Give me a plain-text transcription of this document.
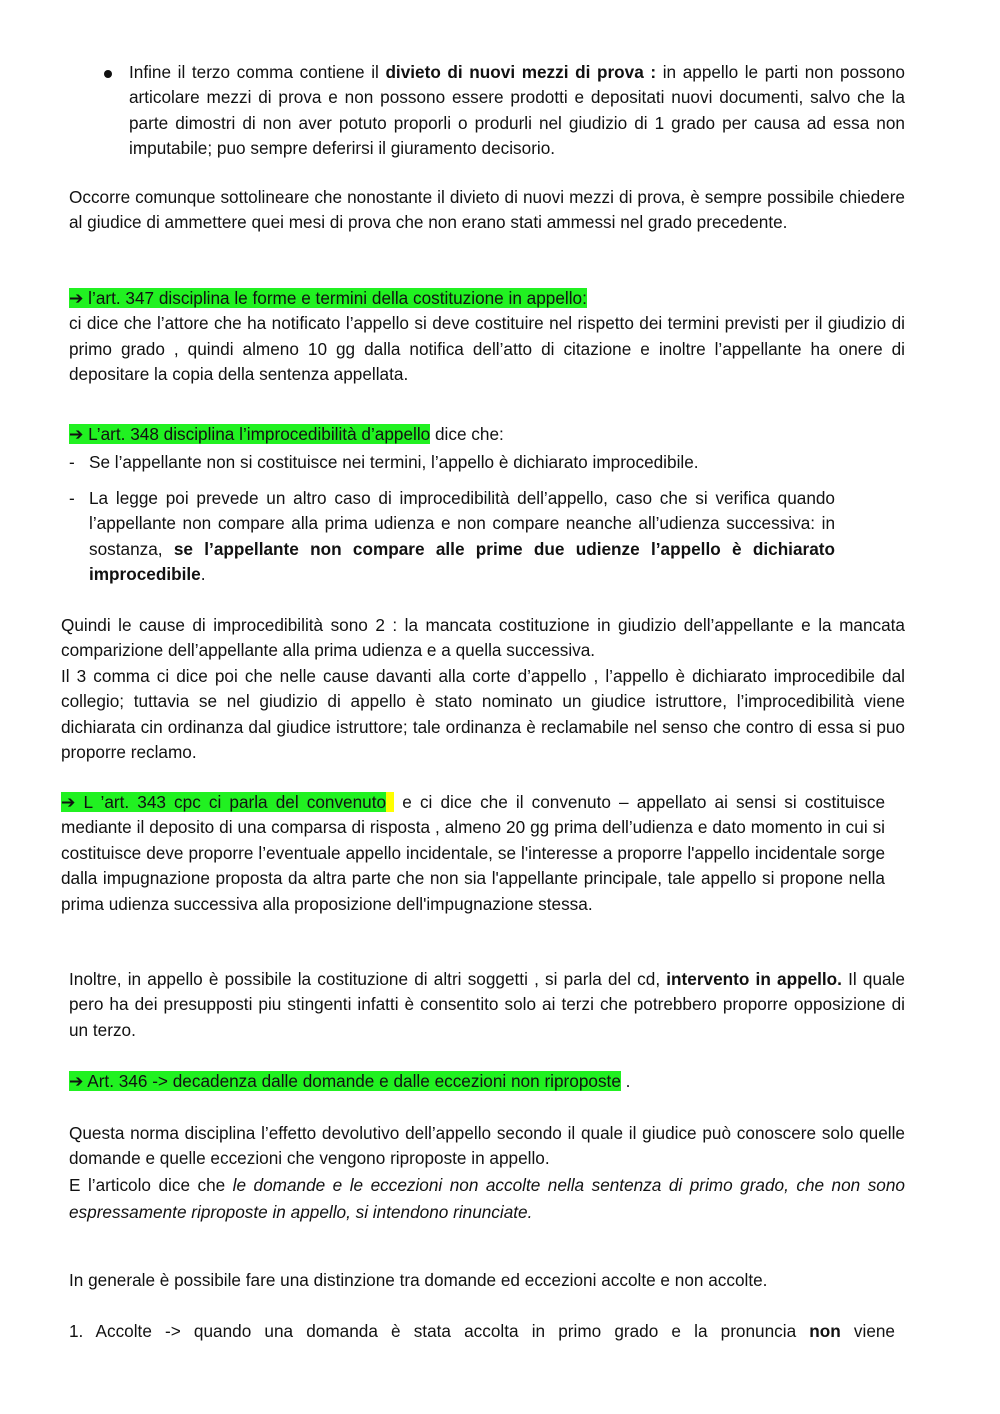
Infine il terzo comma contiene il divieto di nuovi mezzi di prova : in appello le parti non possono articolare mezzi di prova e non possono essere prodotti e depositati nuovi documenti, salvo che la parte dimostri di non aver potuto proporli o produrli nel giudizio di 1 grado per causa ad essa non imputabile; puo sempre deferirsi il giuramento decisorio.

Occorre comunque sottolineare che nonostante il divieto di nuovi mezzi di prova, è sempre possibile chiedere al giudice di ammettere quei mesi di prova che non erano stati ammessi nel grado precedente.

➔ l’art. 347 disciplina le forme e termini della costituzione in appello:

ci dice che l’attore che ha notificato l’appello si deve costituire nel rispetto dei termini previsti per il giudizio di primo grado , quindi almeno 10 gg dalla notifica dell’atto di citazione e inoltre l’appellante ha onere di depositare la copia della sentenza appellata.

➔ L’art. 348 disciplina l’improcedibilità d’appello dice che:

- Se l’appellante non si costituisce nei termini, l’appello è dichiarato improcedibile.

- La legge poi prevede un altro caso di improcedibilità dell’appello, caso che si verifica quando l’appellante non compare alla prima udienza e non compare neanche all’udienza successiva: in sostanza, se l’appellante non compare alle prime due udienze l’appello è dichiarato improcedibile.

Quindi le cause di improcedibilità sono 2 : la mancata costituzione in giudizio dell’appellante e la mancata comparizione dell’appellante alla prima udienza e a quella successiva.

Il 3 comma ci dice poi che nelle cause davanti alla corte d’appello , l’appello è dichiarato improcedibile dal collegio; tuttavia se nel giudizio di appello è stato nominato un giudice istruttore, l’improcedibilità viene dichiarata cin ordinanza dal giudice istruttore; tale ordinanza è reclamabile nel senso che contro di essa si puo proporre reclamo.

➔ L ’art. 343 cpc ci parla del convenuto  e ci dice che il convenuto – appellato ai sensi si costituisce mediante il deposito di una comparsa di risposta , almeno 20 gg prima dell’udienza e dato momento in cui si costituisce deve proporre l’eventuale appello incidentale, se l'interesse a proporre l'appello incidentale sorge dalla impugnazione proposta da altra parte che non sia l'appellante principale, tale appello si propone nella prima udienza successiva alla proposizione dell'impugnazione stessa.

Inoltre, in appello è possibile la costituzione di altri soggetti , si parla del cd, intervento in appello. Il quale pero ha dei presupposti piu stingenti infatti è consentito solo ai terzi che potrebbero proporre opposizione di un terzo.

➔ Art. 346 -> decadenza dalle domande e dalle eccezioni non riproposte .

Questa norma disciplina l’effetto devolutivo dell’appello secondo il quale il giudice può conoscere solo quelle domande e quelle eccezioni che vengono riproposte in appello.

E l’articolo dice che le domande e le eccezioni non accolte nella sentenza di primo grado, che non sono espressamente riproposte in appello, si intendono rinunciate.

In generale è possibile fare una distinzione tra domande ed eccezioni accolte e non accolte.

1. Accolte -> quando una domanda è stata accolta in primo grado e la pronuncia non viene
